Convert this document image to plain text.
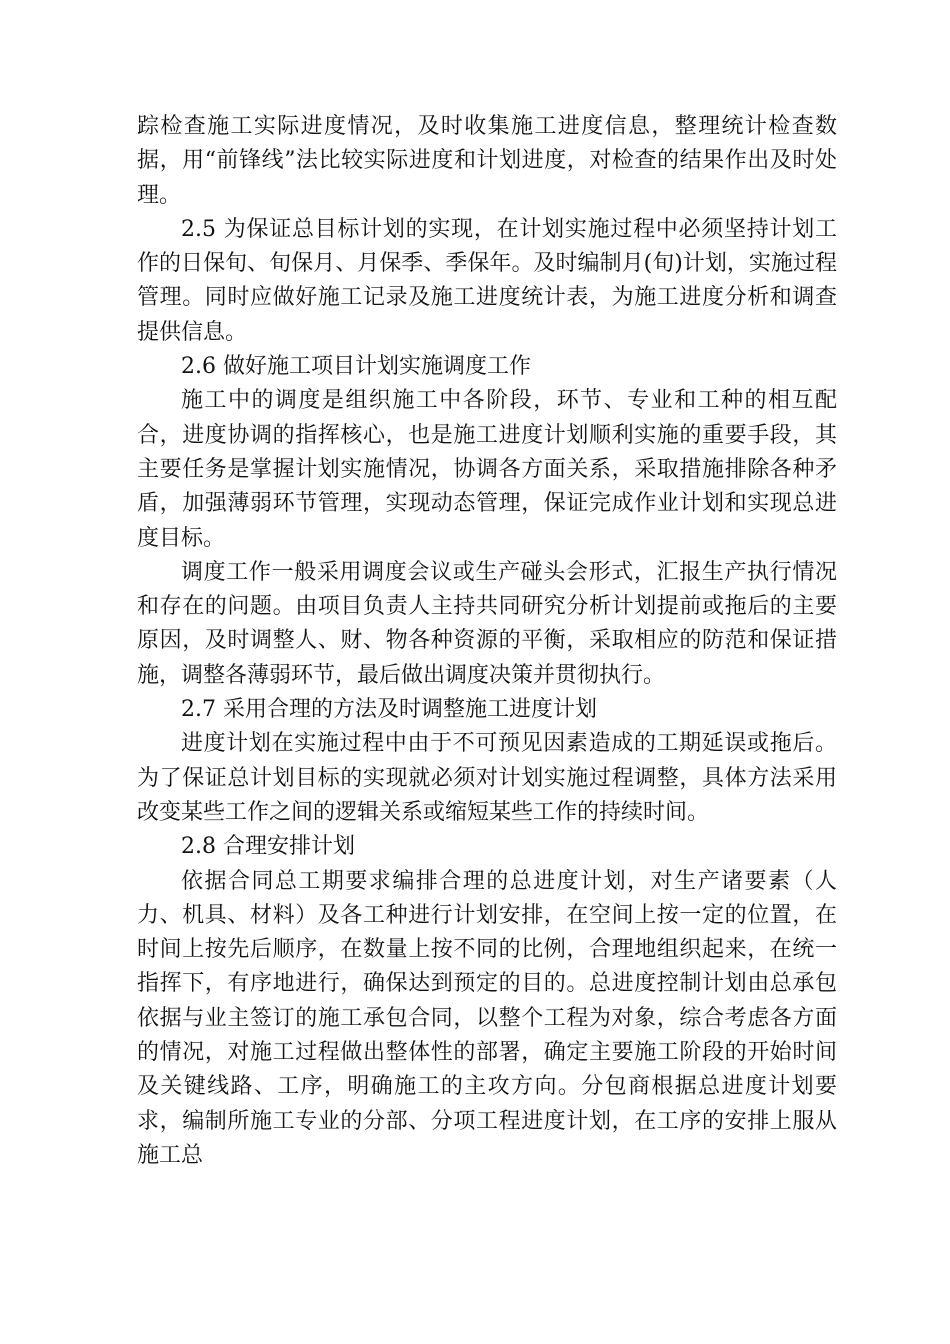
踪检查施工实际进度情况，及时收集施工进度信息，整理统计检查数据，用“前锋线”法比较实际进度和计划进度，对检查的结果作出及时处理。

2.5 为保证总目标计划的实现，在计划实施过程中必须坚持计划工作的日保旬、旬保月、月保季、季保年。及时编制月(旬)计划，实施过程管理。同时应做好施工记录及施工进度统计表，为施工进度分析和调查提供信息。

2.6 做好施工项目计划实施调度工作

施工中的调度是组织施工中各阶段，环节、专业和工种的相互配合，进度协调的指挥核心，也是施工进度计划顺利实施的重要手段，其主要任务是掌握计划实施情况，协调各方面关系，采取措施排除各种矛盾，加强薄弱环节管理，实现动态管理，保证完成作业计划和实现总进度目标。

调度工作一般采用调度会议或生产碰头会形式，汇报生产执行情况和存在的问题。由项目负责人主持共同研究分析计划提前或拖后的主要原因，及时调整人、财、物各种资源的平衡，采取相应的防范和保证措施，调整各薄弱环节，最后做出调度决策并贯彻执行。

2.7 采用合理的方法及时调整施工进度计划

进度计划在实施过程中由于不可预见因素造成的工期延误或拖后。为了保证总计划目标的实现就必须对计划实施过程调整，具体方法采用改变某些工作之间的逻辑关系或缩短某些工作的持续时间。

2.8 合理安排计划

依据合同总工期要求编排合理的总进度计划，对生产诸要素（人力、机具、材料）及各工种进行计划安排，在空间上按一定的位置，在时间上按先后顺序，在数量上按不同的比例，合理地组织起来，在统一指挥下，有序地进行，确保达到预定的目的。总进度控制计划由总承包依据与业主签订的施工承包合同，以整个工程为对象，综合考虑各方面的情况，对施工过程做出整体性的部署，确定主要施工阶段的开始时间及关键线路、工序，明确施工的主攻方向。分包商根据总进度计划要求，编制所施工专业的分部、分项工程进度计划，在工序的安排上服从施工总
